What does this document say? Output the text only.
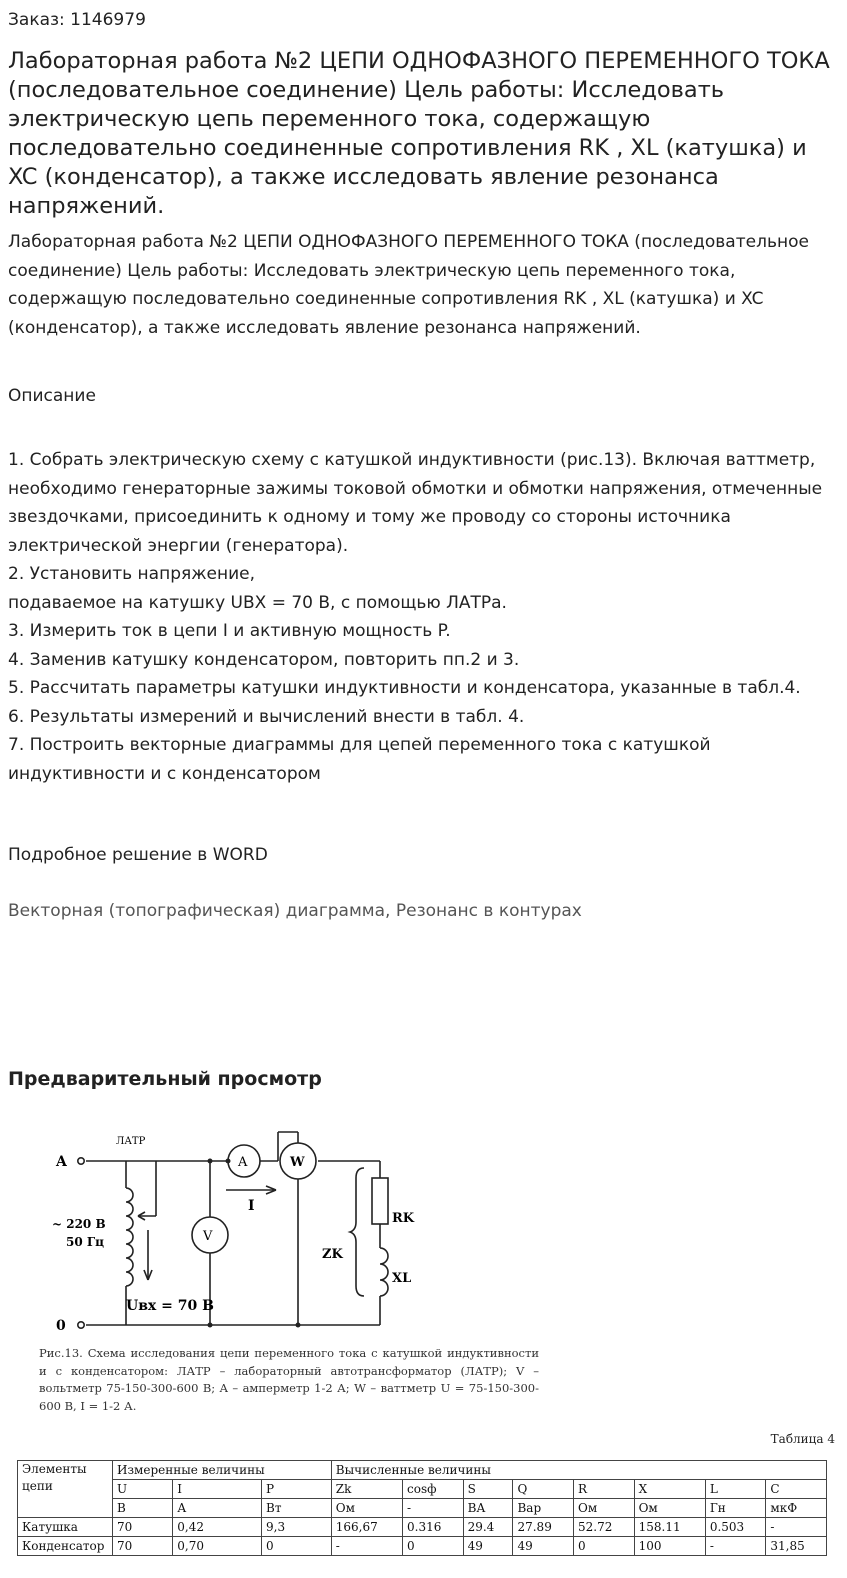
Заказ: 1146979
Лабораторная работа №2 ЦЕПИ ОДНОФАЗНОГО ПЕРЕМЕННОГО ТОКА (последовательное соединение) Цель работы: Исследовать электрическую цепь переменного тока, содержащую последовательно соединенные сопротивления RK , XL (катушка) и XC (конденсатор), а также исследовать явление резонанса напряжений.

Лабораторная работа №2 ЦЕПИ ОДНОФАЗНОГО ПЕРЕМЕННОГО ТОКА (последовательное соединение) Цель работы: Исследовать электрическую цепь переменного тока, содержащую последовательно соединенные сопротивления RK , XL (катушка) и XC (конденсатор), а также исследовать явление резонанса напряжений.

Описание

1. Собрать электрическую схему с катушкой индуктивности (рис.13). Включая ваттметр, необходимо генераторные зажимы токовой обмотки и обмотки напряжения, отмеченные звездочками, присоединить к одному и тому же проводу со стороны источника электрической энергии (генератора).
2. Установить напряжение,
подаваемое на катушку UBX = 70 В, с помощью ЛАТРа.
3. Измерить ток в цепи I и активную мощность P.
4. Заменив катушку конденсатором, повторить пп.2 и 3.
5. Рассчитать параметры катушки индуктивности и конденсатора, указанные в табл.4.
6. Результаты измерений и вычислений внести в табл. 4.
7. Построить векторные диаграммы для цепей переменного тока с катушкой индуктивности и с конденсатором

Подробное решение в WORD
Векторная (топографическая) диаграмма, Резонанс в контурах
Предварительный просмотр
A
0
ЛАТР
~ 220 В
50 Гц
A	W
V
I
Uвх = 70 В
ZK
RK
XL

Рис.13. Схема исследования цепи переменного тока с катушкой индуктивности и с конденсатором: ЛАТР – лабораторный автотрансформатор (ЛАТР); V – вольтметр 75-150-300-600 В; A – амперметр 1-2 А; W – ваттметр U = 75-150-300-600 В, I = 1-2 А.

Таблица 4
Элементы цепи	Измеренные величины			Вычисленные величины							
	U	I	P	Zk	cosф	S	Q	R	X	L	C
	В	А	Вт	Ом	-	ВА	Вар	Ом	Ом	Гн	мкФ
Катушка	70	0,42	9,3	166,67	0.316	29.4	27.89	52.72	158.11	0.503	-
Конденсатор	70	0,70	0	-	0	49	49	0	100	-	31,85
